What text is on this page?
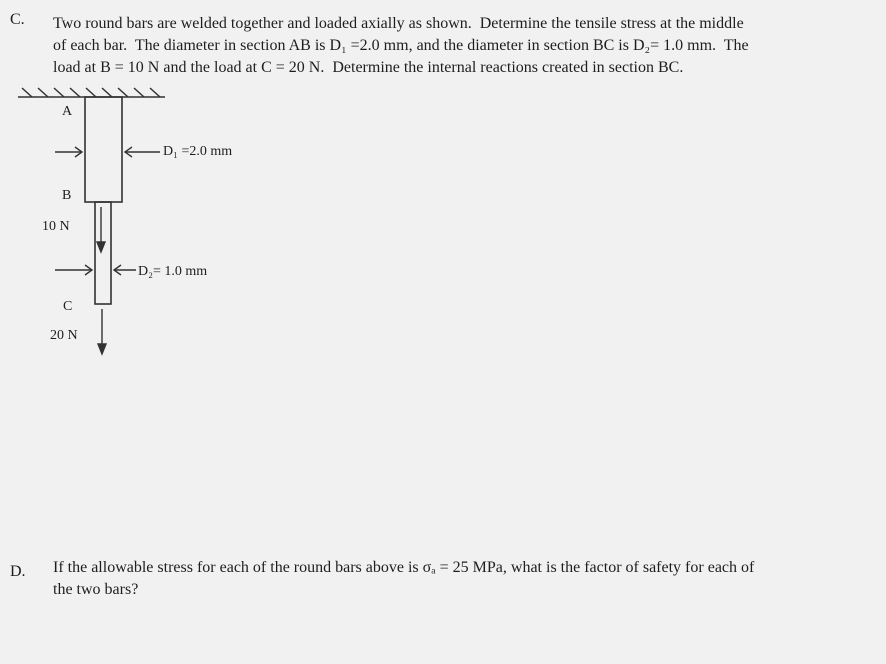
C. Two round bars are welded together and loaded axially as shown.  Determine the tensile stress at the middle
of each bar.  The diameter in section AB is D₁ =2.0 mm, and the diameter in section BC is D₂= 1.0 mm.  The
load at B = 10 N and the load at C = 20 N.  Determine the internal reactions created in section BC.
A
B
10 N
C
20 N
D₁ =2.0 mm
D₂= 1.0 mm
D. If the allowable stress for each of the round bars above is σₐ = 25 MPa, what is the factor of safety for each of
the two bars?
